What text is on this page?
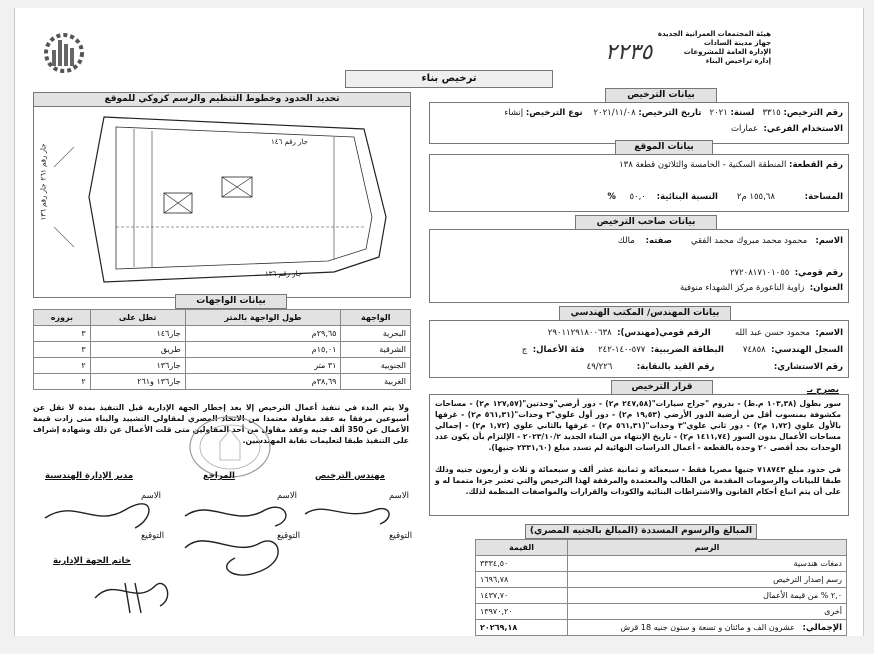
هيئة المجتمعات العمرانية الجديدة
جهاز مدينة السادات
الإدارة العامة للمشروعات
إدارة تراخيص البناء
٢٢٣٥
ترخيص بناء
تحديد الحدود وخطوط التنظيم والرسم كروكي للموقع
جار رقم ١٤٦
جار رقم ١٣٦
جار رقم ١٣٦
جار رقم ٢٦١
بيانات الواجهات
الواجهة	طول الواجهة بالمتر	تطل على	بروزه
البحرية	٢٩,٦٥م	جار١٤٦	٣
الشرقية	١٥,٠١م	طريق	٣
الجنوبية	٣١ متر	جار١٣٦	٢
الغربية	٣٨,٦٩م	جار١٣٦ و٢٦١	٢
ولا يتم البدء في تنفيذ أعمال الترخيص إلا بعد إخطار الجهة الإدارية قبل التنفيذ بمدة لا تقل عن أسبوعين مرفقا به عقد مقاولة معتمدا من الاتحاد المصري لمقاولي التشييد والبناء متى زادت قيمة الأعمال عن 350 ألف جنيه وعقد مقاول من أحد المقاولين متى قلت الأعمال عن ذلك وشهادة إشراف على التنفيذ طبقا لتعليمات نقابة المهندسين.
مدير الإدارة الهندسية	المراجع	مهندس الترخيص
الاسم	الاسم	الاسم
التوقيع	التوقيع	التوقيع
خاتم الجهة الإدارية
بيانات الترخيص
رقم الترخيص: ٣٣١٥   لسنة: ٢٠٢١   تاريخ الترخيص: ٢٠٢١/١١/٠٨    نوع الترخيص: إنشاء
الاستخدام الفرعي:  عمارات
بيانات الموقع
رقم القطعة: المنطقة السكنية - الخامسة والثلاثون قطعة ١٣٨
المساحة:           ١٥٥,٦٨ م٢       النسبة البنائية:    ٥٠,٠     %
بيانات صاحب الترخيص
الاسم:   محمود محمد مبروك محمد الفقي       صفته:    مالك
رقم قومي:  ٢٧٢٠٨١٧١٠١٠٥٥
العنوان:  زاوية الناعورة مركز الشهداء منوفية
بيانات المهندس/ المكتب الهندسي
الاسم:  محمود حسن عبد الله         الرقم قومي(مهندس):  ٢٩٠١١٢٩١٨٠٠٦٣٨
السجل الهندسي:  ٧٤٨٥٨       البطاقة الضريبية:  ٥٧٧-١٤٠-٢٤٢     فئة الأعمال:  ج
رقم الاستشاري:                      رقم القيد بالنقابة:         ٤٩/٢٢٦
قرار الترخيص	يصرح بـ
سور بطول (١٠٣,٣٨ م.ط) - بدروم "جراج سيارات"(٢٤٧,٥٨ م٢) - دور أرضي"وحدتين"(١٢٧,٥٧ م٢) - مساحات مكشوفة بمنسوب أقل من أرضية الدور الأرضي (١٩,٥٣ م٢) - دور أول علوي"٣ وحدات"(٥٦١,٣١ م٢) - غرفها بالأول علوي (١,٧٢ م٢) - دور ثاني علوي"٣ وحدات"(٥٦١,٣١ م٢) - غرفها بالثاني علوي (١,٧٢ م٢) - إجمالي مساحات الأعمال بدون السور (١٤١١,٧٤ م٢) - تاريخ الإنتهاء من البناء الجديد ٢٠٢٣/١٠/٢ - الإلتزام بأن يكون عدد الوحدات بحد أقصى ٢٠ وحدة بالقطعة - أعمال الدراسات النهائية لم تسدد مبلغ (٢٣٣١,٦٠ جنيها).
في حدود مبلغ ٧١٨٧٤٣ جنيها مصريا فقط - سبعمائة و ثمانية عشر ألف و سبعمائة و ثلاث و أربعون جنيه وذلك طبقا للبيانات والرسومات المقدمة من الطالب والمعتمدة والمرفقة لهذا الترخيص والتي تعتبر جزءا متمما له و على أن يتم اتباع أحكام القانون والاشتراطات البنائية والكودات والقرارات والمواصفات المنظمة لذلك.
المبالغ والرسوم المسددة (المبالغ بالجنيه المصري)
الرسم	القيمة
دمغات هندسية	٣٣٣٤,٥٠
رسم إصدار الترخيص	١٦٩٦,٧٨
٢,٠ % من قيمة الأعمال	١٤٣٧,٧٠
أخرى	١٣٩٧٠,٢٠
الإجمالي:   عشرون الف و مائتان و تسعة و ستون جنيه 18 قرش	٢٠٢٦٩,١٨
